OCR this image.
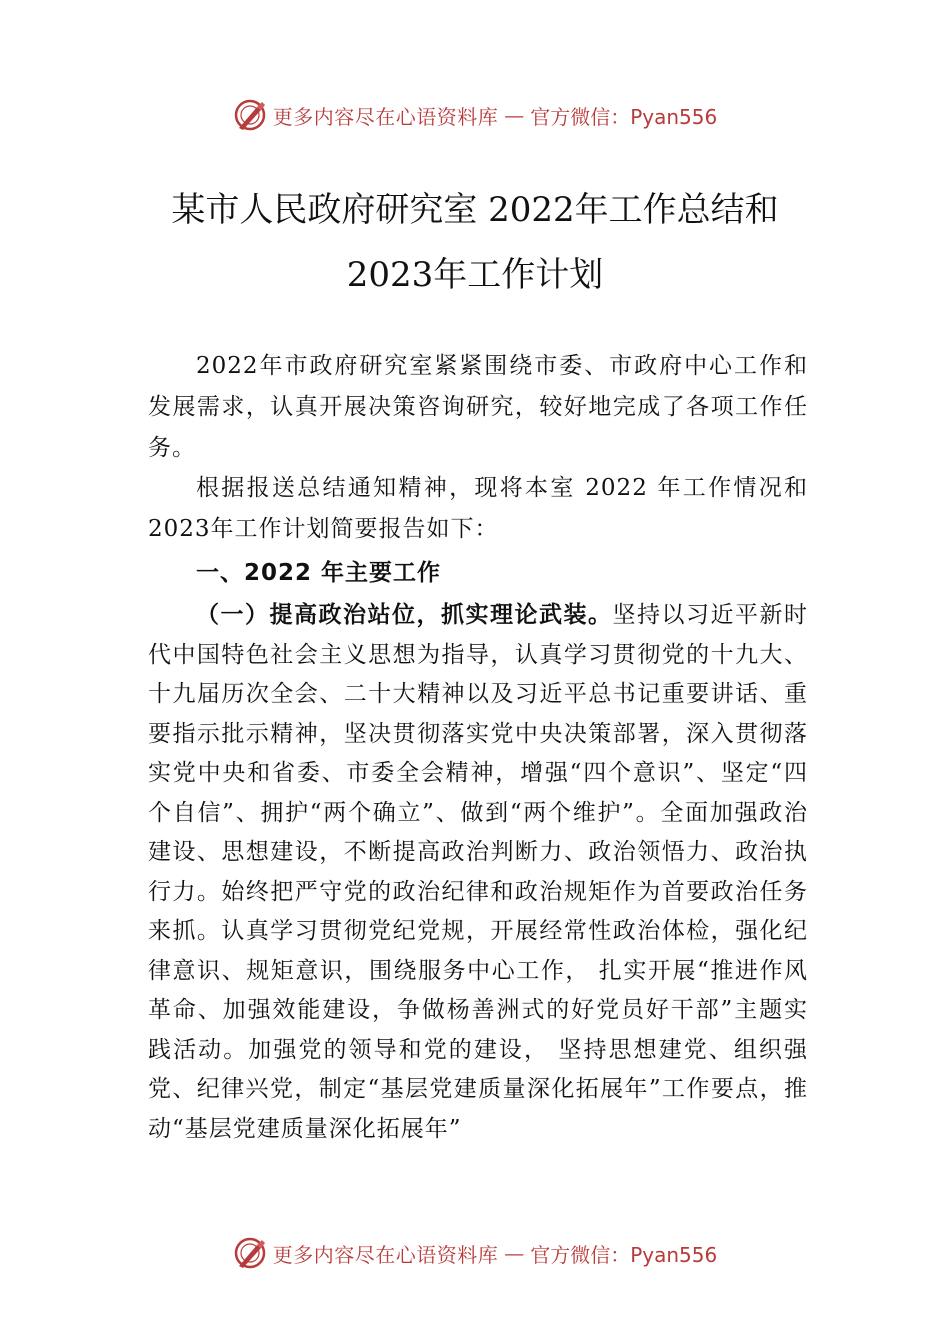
更多内容尽在心语资料库 — 官方微信：Pyan556
某市人民政府研究室 2022年工作总结和
2023年工作计划

2022年市政府研究室紧紧围绕市委、市政府中心工作和发展需求，认真开展决策咨询研究，较好地完成了各项工作任务。

根据报送总结通知精神，现将本室 2022 年工作情况和 2023年工作计划简要报告如下：

一、2022 年主要工作

（一）提高政治站位，抓实理论武装。坚持以习近平新时代中国特色社会主义思想为指导，认真学习贯彻党的十九大、十九届历次全会、二十大精神以及习近平总书记重要讲话、重要指示批示精神，坚决贯彻落实党中央决策部署，深入贯彻落实党中央和省委、市委全会精神，增强“四个意识”、坚定“四个自信”、拥护“两个确立”、做到“两个维护”。全面加强政治建设、思想建设，不断提高政治判断力、政治领悟力、政治执行力。始终把严守党的政治纪律和政治规矩作为首要政治任务来抓。认真学习贯彻党纪党规，开展经常性政治体检，强化纪律意识、规矩意识，围绕服务中心工作， 扎实开展“推进作风革命、加强效能建设，争做杨善洲式的好党员好干部”主题实践活动。加强党的领导和党的建设， 坚持思想建党、组织强党、纪律兴党，制定“基层党建质量深化拓展年”工作要点，推动“基层党建质量深化拓展年”

更多内容尽在心语资料库 — 官方微信：Pyan556
